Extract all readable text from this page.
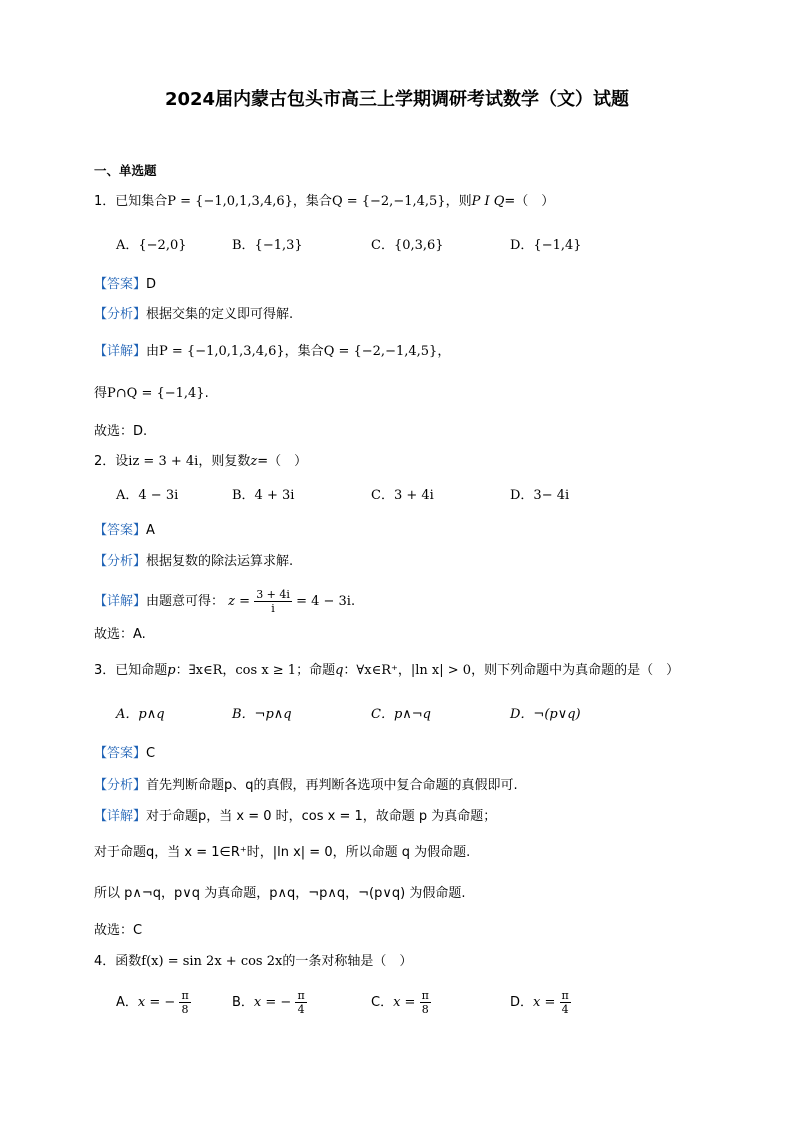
2024届内蒙古包头市高三上学期调研考试数学（文）试题
一、单选题
1．已知集合P = {−1,0,1,3,4,6}，集合Q = {−2,−1,4,5}，则P I Q=（　）
A．{−2,0}	B．{−1,3}	C．{0,3,6}	D．{−1,4}
【答案】D
【分析】根据交集的定义即可得解.
【详解】由P = {−1,0,1,3,4,6}，集合Q = {−2,−1,4,5}，
得P∩Q = {−1,4}.
故选：D.
2．设iz = 3 + 4i，则复数z=（　）
A．4 − 3i	B．4 + 3i	C．3 + 4i	D．3− 4i
【答案】A
【分析】根据复数的除法运算求解.
【详解】由题意可得： $z = \frac{3 + 4i}{i} = 4 - 3i$.
故选：A.
3．已知命题p：∃x∈R，cos x ≥ 1；命题q：∀x∈R⁺，|ln x| > 0，则下列命题中为真命题的是（　）
A．p∧q	B．¬p∧q	C．p∧¬q	D．¬(p∨q)
【答案】C
【分析】首先判断命题p、q的真假，再判断各选项中复合命题的真假即可.
【详解】对于命题p，当 x = 0 时，cos x = 1，故命题 p 为真命题；
对于命题q，当 x = 1∈R⁺时，|ln x| = 0，所以命题 q 为假命题.
所以 p∧¬q，p∨q 为真命题，p∧q，¬p∧q，¬(p∨q) 为假命题.
故选：C
4．函数f(x) = sin 2x + cos 2x的一条对称轴是（　）
A．x = − $\frac{\pi}{8}$	B．x = − $\frac{\pi}{4}$	C．$x = \frac{\pi}{8}$	D．$x = \frac{\pi}{4}$
